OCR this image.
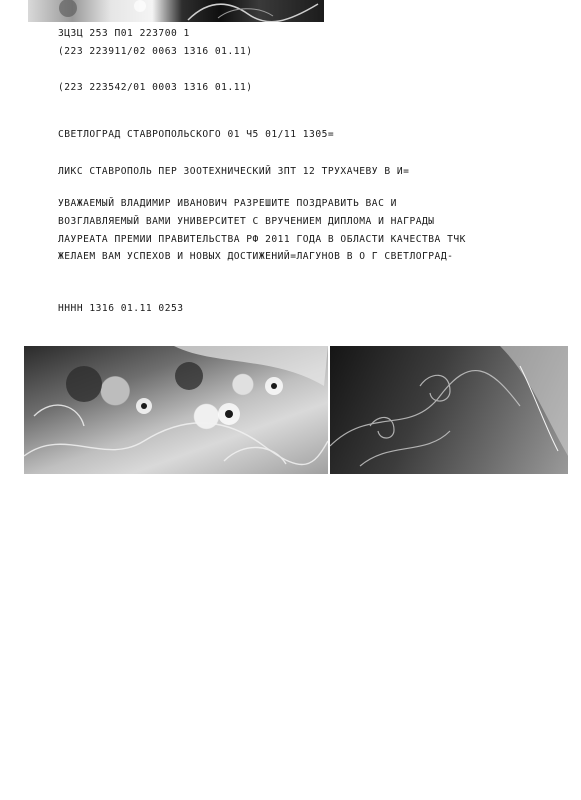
ЗЦЗЦ 253 П01 223700 1
(223 223911/02 0063 1316 01.11)
(223 223542/01 0003 1316 01.11)
СВЕТЛОГРАД СТАВРОПОЛЬСКОГО 01 Ч5 01/11 1305=
ЛИКС СТАВРОПОЛЬ ПЕР ЗООТЕХНИЧЕСКИЙ ЗПТ 12 ТРУХАЧЕВУ В И=
УВАЖАЕМЫЙ ВЛАДИМИР ИВАНОВИЧ РАЗРЕШИТЕ ПОЗДРАВИТЬ ВАС И
ВОЗГЛАВЛЯЕМЫЙ ВАМИ УНИВЕРСИТЕТ С ВРУЧЕНИЕМ ДИПЛОМА И НАГРАДЫ
ЛАУРЕАТА ПРЕМИИ ПРАВИТЕЛЬСТВА РФ 2011 ГОДА В ОБЛАСТИ КАЧЕСТВА ТЧК
ЖЕЛАЕМ ВАМ УСПЕХОВ И НОВЫХ ДОСТИЖЕНИЙ=ЛАГУНОВ В О Г СВЕТЛОГРАД-
НННН 1316 01.11 0253
